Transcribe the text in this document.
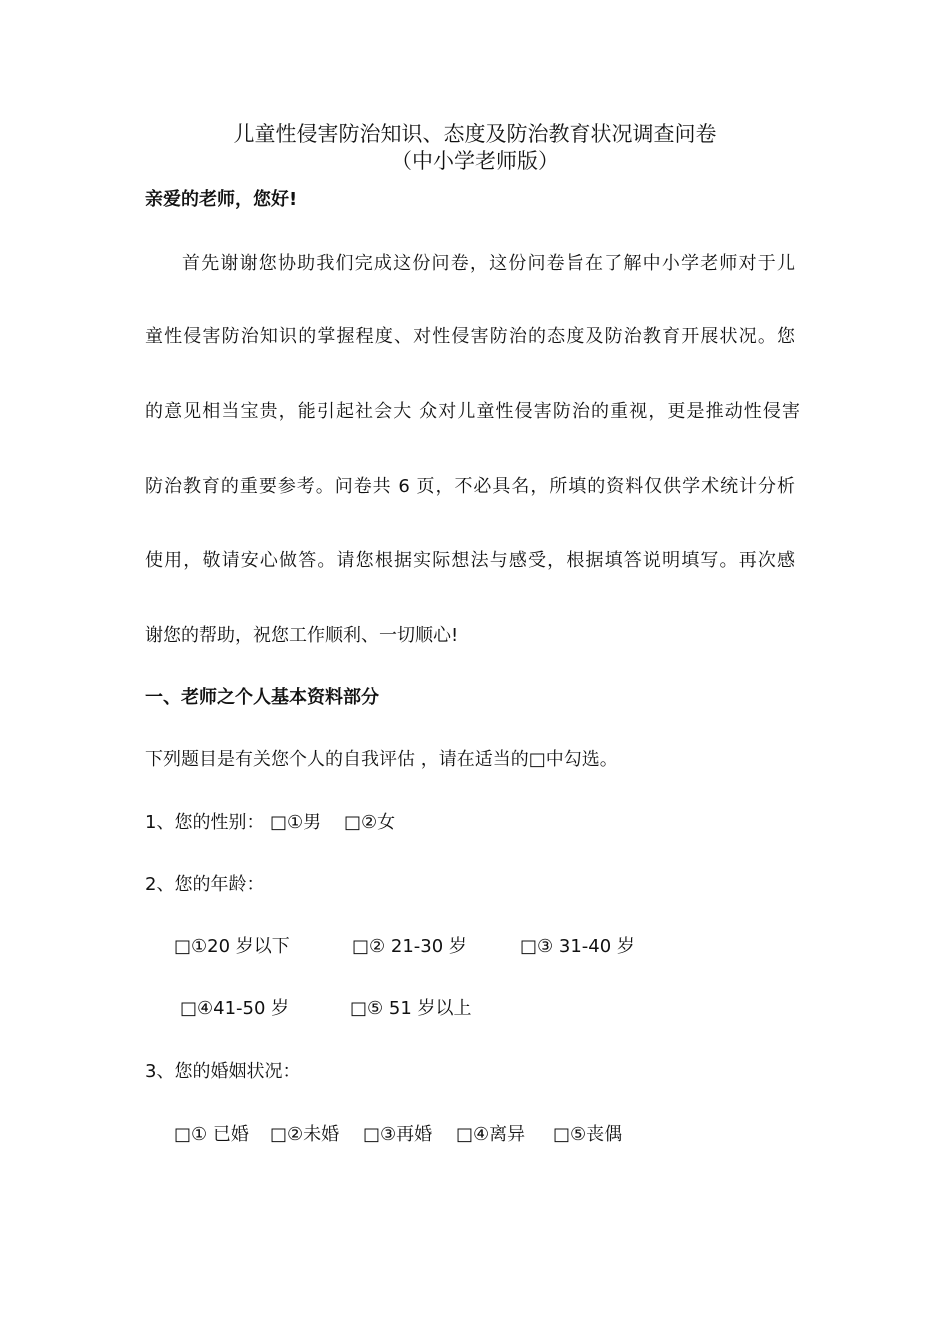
儿童性侵害防治知识、态度及防治教育状况调查问卷
（中小学老师版）
亲爱的老师，您好!
首先谢谢您协助我们完成这份问卷，这份问卷旨在了解中小学老师对于儿
童性侵害防治知识的掌握程度、对性侵害防治的态度及防治教育开展状况。您
的意见相当宝贵，能引起社会大 众对儿童性侵害防治的重视，更是推动性侵害
防治教育的重要参考。问卷共 6 页，不必具名，所填的资料仅供学术统计分析
使用，敬请安心做答。请您根据实际想法与感受，根据填答说明填写。再次感
谢您的帮助，祝您工作顺利、一切顺心!
一、老师之个人基本资料部分
下列题目是有关您个人的自我评估 ，请在适当的□中勾选。
1、您的性别： □①男 □②女
2、您的年龄：
□①20 岁以下	□② 21-30 岁	□③ 31-40 岁
□④41-50 岁	□⑤ 51 岁以上
3、您的婚姻状况：
□① 已婚 □②未婚 □③再婚 □④离异 □⑤丧偶
